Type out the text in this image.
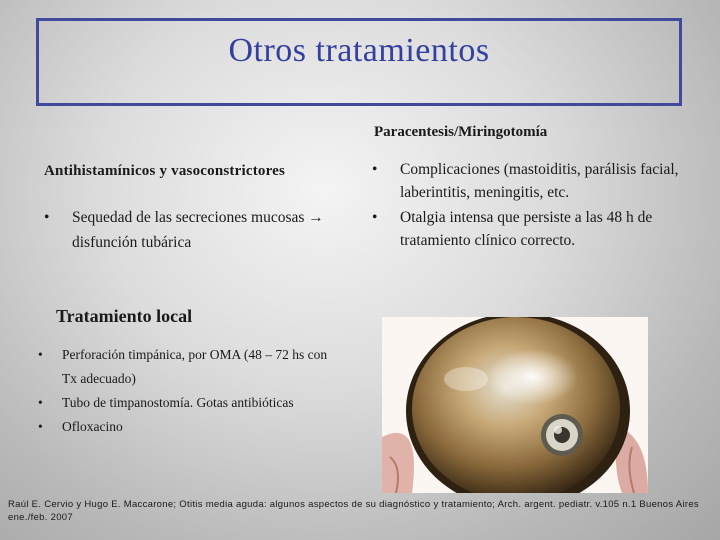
Otros tratamientos
Paracentesis/Miringotomía
• Complicaciones (mastoiditis, parálisis facial, laberintitis, meningitis, etc.
• Otalgia intensa que persiste a las 48 h de tratamiento clínico correcto.
Antihistamínicos y vasoconstrictores
• Sequedad de las secreciones mucosas → disfunción tubárica
Tratamiento local
• Perforación timpánica, por OMA (48 – 72 hs con Tx adecuado)
• Tubo de timpanostomía. Gotas antibióticas
• Ofloxacino
Raúl E. Cervio y Hugo E. Maccarone; Otitis media aguda: algunos aspectos de su diagnóstico y tratamiento; Arch. argent. pediatr. v.105 n.1 Buenos Aires ene./feb. 2007
